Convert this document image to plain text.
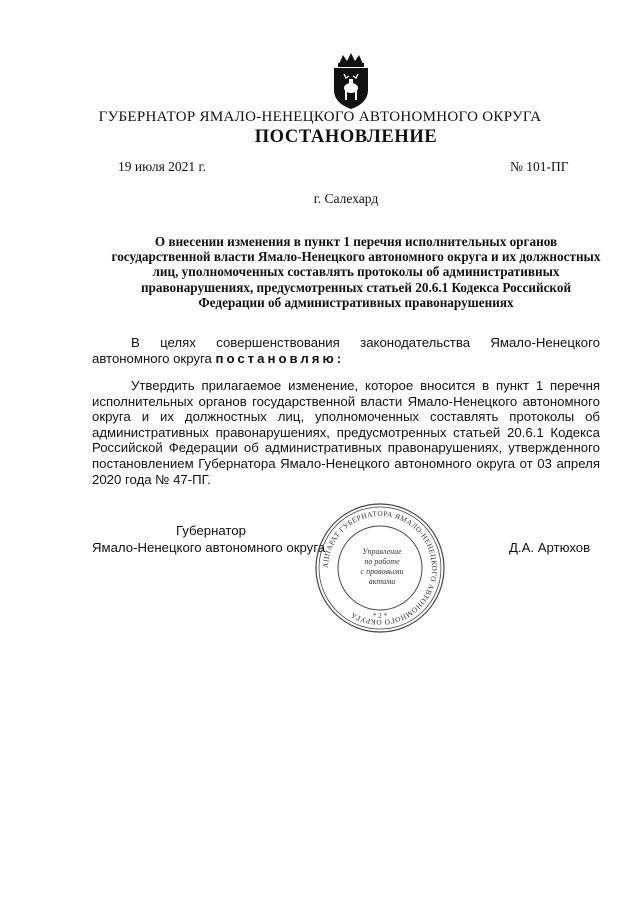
ГУБЕРНАТОР ЯМАЛО-НЕНЕЦКОГО АВТОНОМНОГО ОКРУГА
ПОСТАНОВЛЕНИЕ
19 июля 2021 г.	№ 101-ПГ
г. Салехард
О внесении изменения в пункт 1 перечня исполнительных органов государственной власти Ямало-Ненецкого автономного округа и их должностных лиц, уполномоченных составлять протоколы об административных правонарушениях, предусмотренных статьей 20.6.1 Кодекса Российской Федерации об административных правонарушениях
В целях совершенствования законодательства Ямало-Ненецкого автономного округа постановляю:
Утвердить прилагаемое изменение, которое вносится в пункт 1 перечня исполнительных органов государственной власти Ямало-Ненецкого автономного округа и их должностных лиц, уполномоченных составлять протоколы об административных правонарушениях, предусмотренных статьей 20.6.1 Кодекса Российской Федерации об административных правонарушениях, утвержденного постановлением Губернатора Ямало-Ненецкого автономного округа от 03 апреля 2020 года № 47-ПГ.
Губернатор
Ямало-Ненецкого автономного округа	Д.А. Артюхов
АППАРАТ ГУБЕРНАТОРА ЯМАЛО-НЕНЕЦКОГО АВТОНОМНОГО ОКРУГА
Управление
по работе
с правовыми
актами
* 2 *
